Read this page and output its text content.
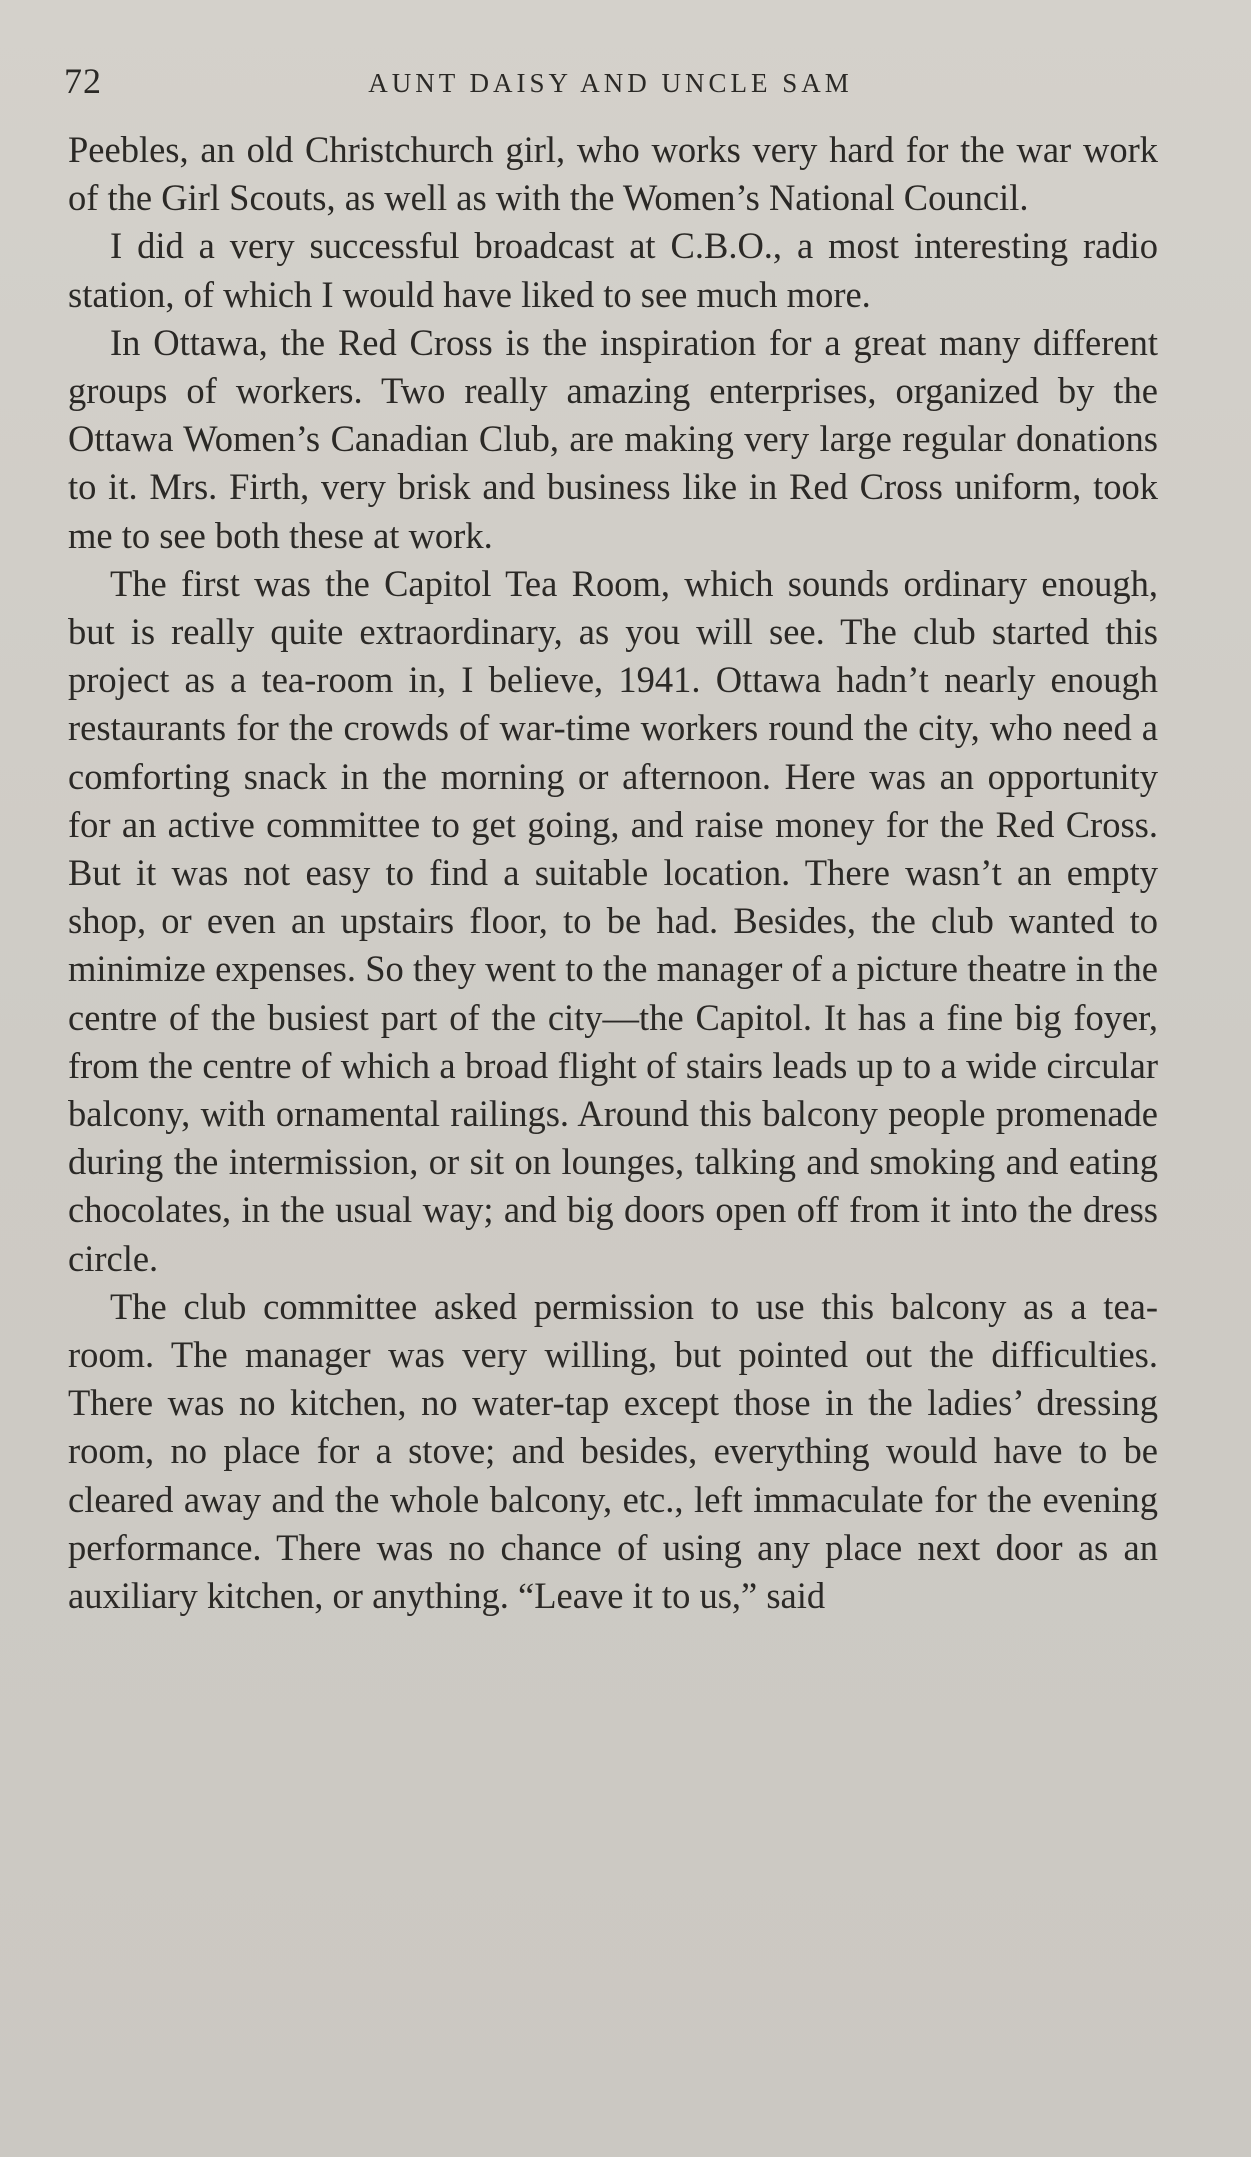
72	AUNT DAISY AND UNCLE SAM

Peebles, an old Christchurch girl, who works very hard for the war work of the Girl Scouts, as well as with the Women’s National Council.

I did a very successful broadcast at C.B.O., a most interesting radio station, of which I would have liked to see much more.

In Ottawa, the Red Cross is the inspiration for a great many different groups of workers. Two really amazing enterprises, organized by the Ottawa Women’s Canadian Club, are making very large regular donations to it. Mrs. Firth, very brisk and business like in Red Cross uniform, took me to see both these at work.

The first was the Capitol Tea Room, which sounds ordinary enough, but is really quite extraordinary, as you will see. The club started this project as a tea-room in, I believe, 1941. Ottawa hadn’t nearly enough restaurants for the crowds of war-time workers round the city, who need a comforting snack in the morning or afternoon. Here was an opportunity for an active committee to get going, and raise money for the Red Cross. But it was not easy to find a suitable location. There wasn’t an empty shop, or even an upstairs floor, to be had. Besides, the club wanted to minimize expenses. So they went to the manager of a picture theatre in the centre of the busiest part of the city—the Capitol. It has a fine big foyer, from the centre of which a broad flight of stairs leads up to a wide circular balcony, with ornamental railings. Around this balcony people promenade during the intermission, or sit on lounges, talking and smoking and eating chocolates, in the usual way; and big doors open off from it into the dress circle.

The club committee asked permission to use this balcony as a tea-room. The manager was very willing, but pointed out the difficulties. There was no kitchen, no water-tap except those in the ladies’ dressing room, no place for a stove; and besides, everything would have to be cleared away and the whole balcony, etc., left immaculate for the evening performance. There was no chance of using any place next door as an auxiliary kitchen, or anything. “Leave it to us,” said
